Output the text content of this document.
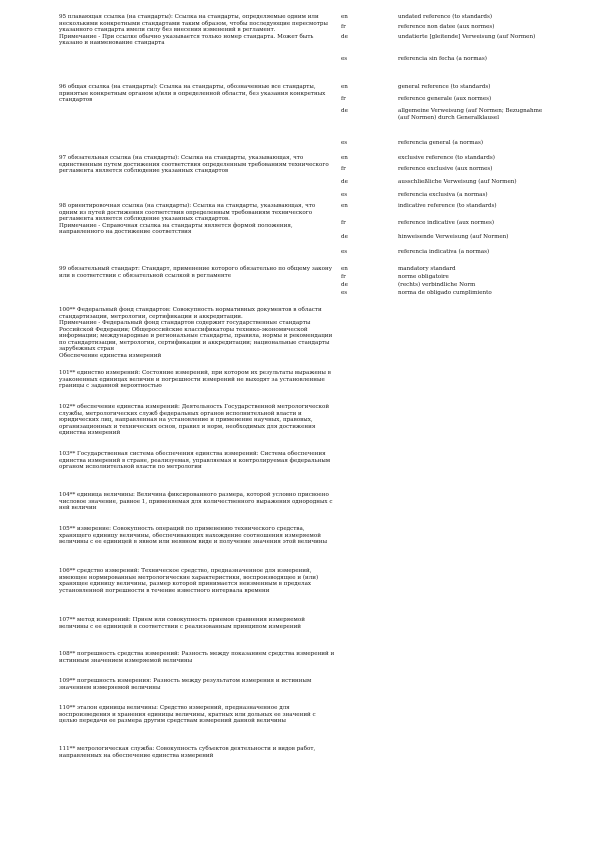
95 плавающая ссылка (на стандарты): Ссылка на стандарты, определяемые одним или несколькими конкретными стандартами таким образом, чтобы последующие пересмотры указанного стандарта имели силу без внесения изменений в регламент.
Примечание - При ссылке обычно указывается только номер стандарта. Может быть указано и наименование стандарта
en	undated reference (to standards)
fr	reference non datee (aux normes)
de	undatierte [gleitende] Verweisung (auf Normen)
es	referencia sin fecha (a normas)
96 общая ссылка (на стандарты): Ссылка на стандарты, обозначенные все стандарты, принятые конкретным органом и/или в определенной области, без указания конкретных стандартов
en	general reference (to standards)
fr	reference generale (aux normes)
de	allgemeine Verweisung (auf Normen; Bezugnahme (auf Normen) durch Generalklausel
es	referencia general (a normas)
97 обязательная ссылка (на стандарты): Ссылка на стандарты, указывающая, что единственным путем достижения соответствия определенным требованиям технического регламента является соблюдение указанных стандартов
en	exclusive reference (to standards)
fr	reference exclusive (aux normes)
de	ausschließliche Verweisung (auf Normen)
es	referencia exclusiva (a normas)
98 ориентировочная ссылка (на стандарты): Ссылка на стандарты, указывающая, что одним из путей достижения соответствия определенным требованиям технического регламента является соблюдение указанных стандартов.
Примечание - Справочная ссылка на стандарты является формой положения, направленного на достижение соответствия
en	indicative reference (to standards)
fr	reference indicative (aux normes)
de	hinweisende Verweisung (auf Normen)
es	referencia indicativa (a normas)
99 обязательный стандарт: Стандарт, применение которого обязательно по общему закону или в соответствии с обязательной ссылкой в регламенте
en	mandatory standard
fr	norme obligatoire
de	(rechts) verbindliche Norm
es	norma de obligado cumplimiento
100** Федеральный фонд стандартов: Совокупность нормативных документов в области стандартизации, метрологии, сертификации и аккредитации.
Примечание - Федеральный фонд стандартов содержит государственные стандарты Российской Федерации; Общероссийские классификаторы технико-экономической информации; международные и региональные стандарты, правила, нормы и рекомендации по стандартизации, метрологии, сертификации и аккредитации; национальные стандарты зарубежных стран
Обеспечение единства измерений
101** единство измерений: Состояние измерений, при котором их результаты выражены в узаконенных единицах величин и погрешности измерений не выходят за установленные границы с заданной вероятностью
102** обеспечение единства измерений: Деятельность Государственной метрологической службы, метрологических служб федеральных органов исполнительной власти и юридических лиц, направленная на установление и применение научных, правовых, организационных и технических основ, правил и норм, необходимых для достижения единства измерений
103** Государственная система обеспечения единства измерений: Система обеспечения единства измерений в стране, реализуемая, управляемая и контролируемая федеральным органом исполнительной власти по метрологии
104** единица величины: Величина фиксированного размера, которой условно присвоено числовое значение, равное 1, применяемая для количественного выражения однородных с ней величин
105** измерение: Совокупность операций по применению технического средства, хранящего единицу величины, обеспечивающих нахождение соотношения измеряемой величины с ее единицей в явном или неявном виде и получение значения этой величины
106** средство измерений: Техническое средство, предназначенное для измерений, имеющее нормированные метрологические характеристики, воспроизводящее и (или) хранящее единицу величины, размер которой принимается неизменным в пределах установленной погрешности в течение известного интервала времени
107** метод измерений: Прием или совокупность приемов сравнения измеряемой величины с ее единицей в соответствии с реализованным принципом измерений
108** погрешность средства измерений: Разность между показанием средства измерений и истинным значением измеряемой величины
109** погрешность измерения: Разность между результатом измерения и истинным значением измеряемой величины
110** эталон единицы величины: Средство измерений, предназначенное для воспроизведения и хранения единицы величины, кратных или дольных ее значений с целью передачи ее размера другим средствам измерений данной величины
111** метрологическая служба: Совокупность субъектов деятельности и видов работ, направленных на обеспечение единства измерений
